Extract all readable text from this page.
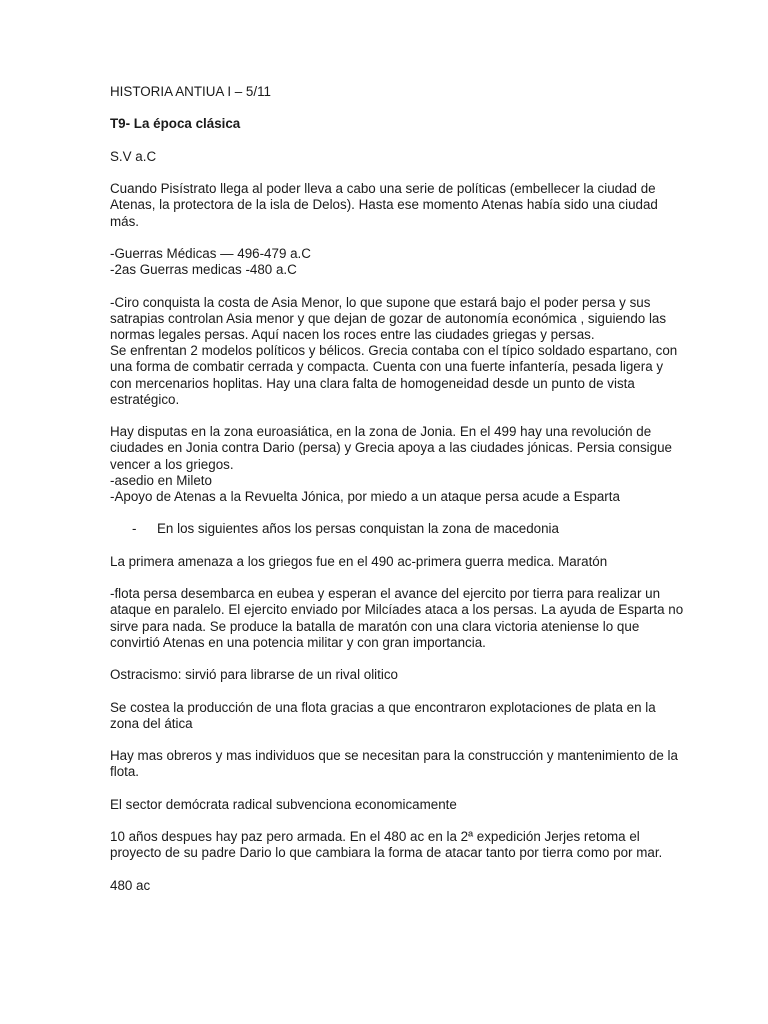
HISTORIA ANTIUA I – 5/11
T9- La época clásica
S.V a.C
Cuando Pisístrato llega al poder lleva a cabo una serie de políticas (embellecer la ciudad de
Atenas, la protectora de la isla de Delos). Hasta ese momento Atenas había sido una ciudad
más.
-Guerras Médicas — 496-479 a.C
-2as Guerras medicas -480 a.C
-Ciro conquista la costa de Asia Menor, lo que supone que estará bajo el poder persa y sus
satrapias controlan Asia menor y que dejan de gozar de autonomía económica , siguiendo las
normas legales persas. Aquí nacen los roces entre las ciudades griegas y persas.
Se enfrentan 2 modelos políticos y bélicos. Grecia contaba con el típico soldado espartano, con
una forma de combatir cerrada y compacta. Cuenta con una fuerte infantería, pesada ligera y
con mercenarios hoplitas. Hay una clara falta de homogeneidad desde un punto de vista
estratégico.
Hay disputas en la zona euroasiática, en la zona de Jonia. En el 499 hay una revolución de
ciudades en Jonia contra Dario (persa) y Grecia apoya a las ciudades jónicas. Persia consigue
vencer a los griegos.
-asedio en Mileto
-Apoyo de Atenas a la Revuelta Jónica, por miedo a un ataque persa acude a Esparta
-	En los siguientes años los persas conquistan la zona de macedonia
La primera amenaza a los griegos fue en el 490 ac-primera guerra medica. Maratón
-flota persa desembarca en eubea y esperan el avance del ejercito por tierra para realizar un
ataque en paralelo. El ejercito enviado por Milcíades ataca a los persas. La ayuda de Esparta no
sirve para nada. Se produce la batalla de maratón con una clara victoria ateniense lo que
convirtió Atenas en una potencia militar y con gran importancia.
Ostracismo: sirvió para librarse de un rival olitico
Se costea la producción de una flota gracias a que encontraron explotaciones de plata en la
zona del ática
Hay mas obreros y mas individuos que se necesitan para la construcción y mantenimiento de la
flota.
El sector demócrata radical subvenciona economicamente
10 años despues hay paz pero armada. En el 480 ac en la 2ª expedición Jerjes retoma el
proyecto de su padre Dario lo que cambiara la forma de atacar tanto por tierra como por mar.
480 ac
